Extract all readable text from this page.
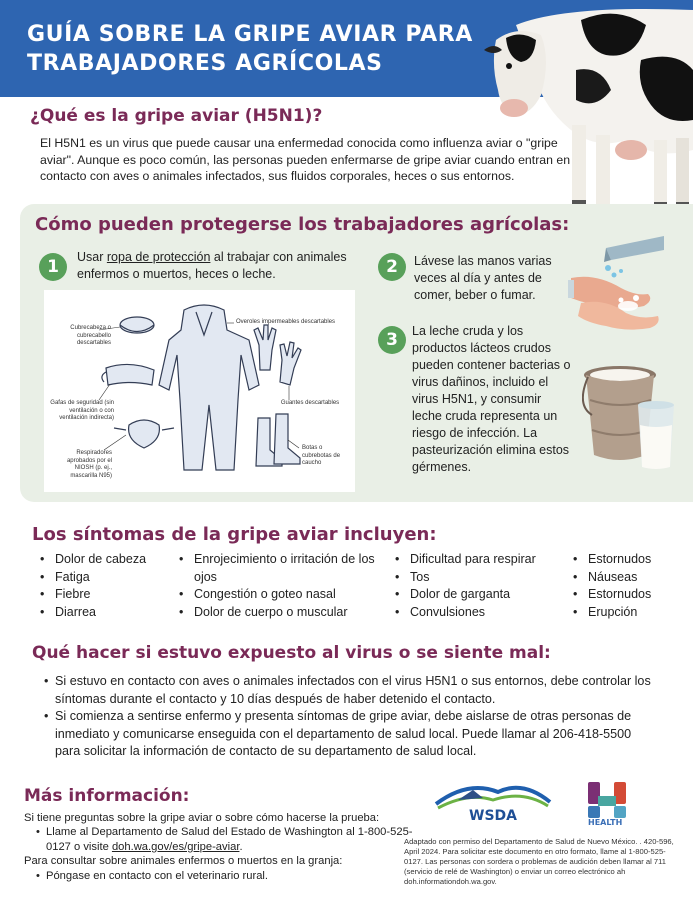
GUÍA SOBRE LA GRIPE AVIAR PARA TRABAJADORES AGRÍCOLAS
¿Qué es la gripe aviar (H5N1)?
El H5N1 es un virus que puede causar una enfermedad conocida como influenza aviar o "gripe aviar". Aunque es poco común, las personas pueden enfermarse de gripe aviar cuando entran en contacto con aves o animales infectados, sus fluidos corporales, heces o sus entornos.
Cómo pueden protegerse los trabajadores agrícolas:
1	Usar ropa de protección al trabajar con animales enfermos o muertos, heces o leche.	2	Lávese las manos varias veces al día y antes de comer, beber o fumar.
3	La leche cruda y los productos lácteos crudos pueden contener bacterias o virus dañinos, incluido el virus H5N1, y consumir leche cruda representa un riesgo de infección. La pasteurización elimina estos gérmenes.
Cubrecabeza o cubrecabello descartables
Overoles impermeables descartables
Gafas de seguridad (sin ventilación o con ventilación indirecta)
Guantes descartables
Respiradores aprobados por el NIOSH (p. ej., mascarilla N95)
Botas o cubrebotas de caucho
Los síntomas de la gripe aviar incluyen:
• Dolor de cabeza
• Fatiga
• Fiebre
• Diarrea
• Enrojecimiento o irritación de los ojos
• Congestión o goteo nasal
• Dolor de cuerpo o muscular
• Dificultad para respirar
• Tos
• Dolor de garganta
• Convulsiones
• Estornudos
• Náuseas
• Estornudos
• Erupción
Qué hacer si estuvo expuesto al virus o se siente mal:
• Si estuvo en contacto con aves o animales infectados con el virus H5N1 o sus entornos, debe controlar los síntomas durante el contacto y 10 días después de haber detenido el contacto.
• Si comienza a sentirse enfermo y presenta síntomas de gripe aviar, debe aislarse de otras personas de inmediato y comunicarse enseguida con el departamento de salud local. Puede llamar al 206-418-5500 para solicitar la información de contacto de su departamento de salud local.
Más información:
Si tiene preguntas sobre la gripe aviar o sobre cómo hacerse la prueba:
• Llame al Departamento de Salud del Estado de Washington al 1-800-525-0127 o visite doh.wa.gov/es/gripe-aviar.
Para consultar sobre animales enfermos o muertos en la granja:
• Póngase en contacto con el veterinario rural.
WSDA	HEALTH
Adaptado con permiso del Departamento de Salud de Nuevo México. . 420-596, April 2024. Para solicitar este documento en otro formato, llame al 1-800-525-0127. Las personas con sordera o problemas de audición deben llamar al 711 (servicio de relé de Washington) o enviar un correo electrónico ah doh.informationdoh.wa.gov.
